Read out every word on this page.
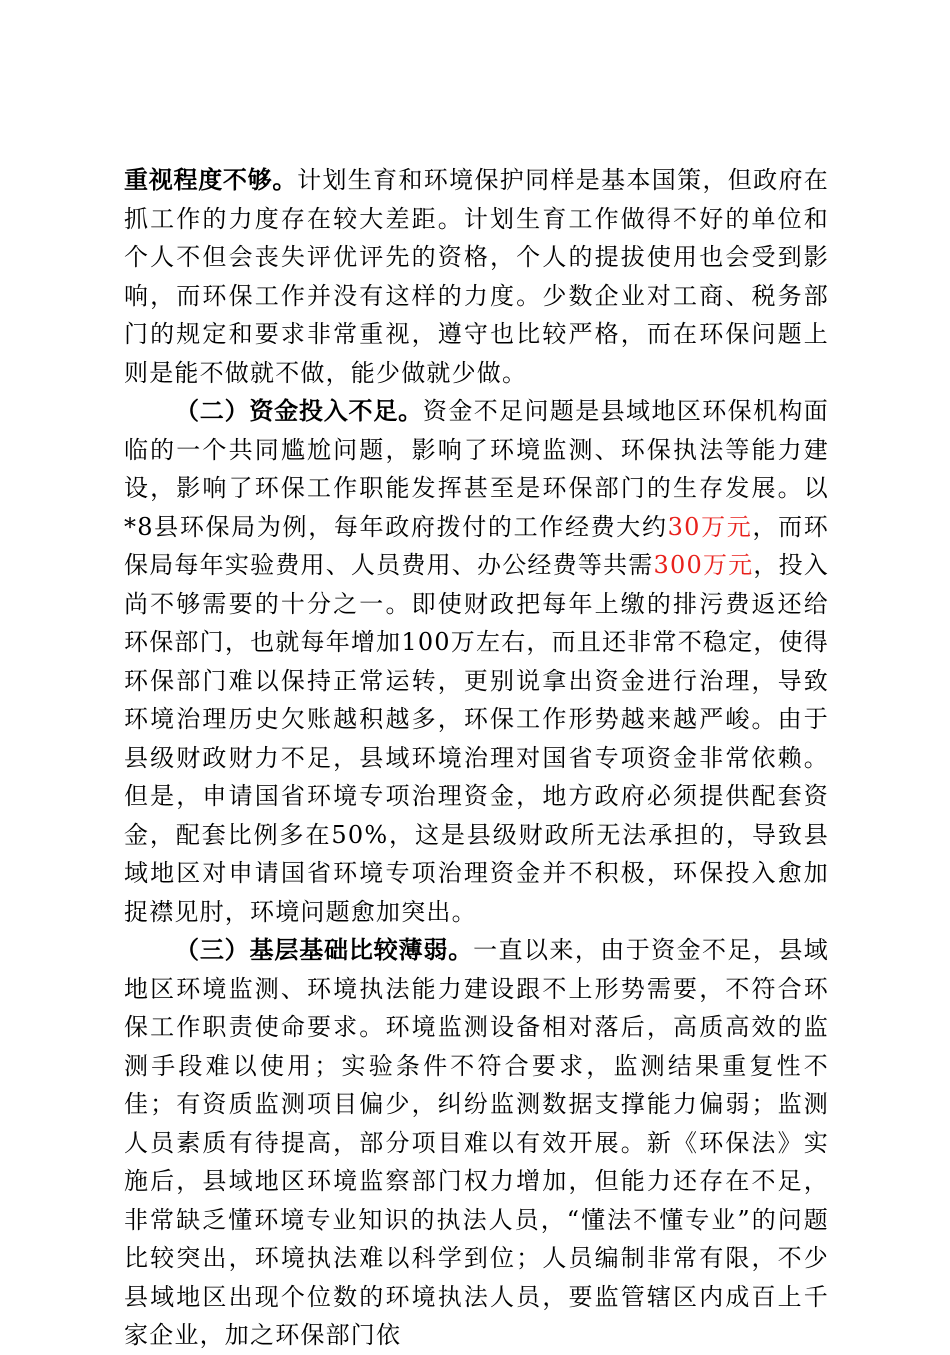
重视程度不够。计划生育和环境保护同样是基本国策，但政府在抓工作的力度存在较大差距。计划生育工作做得不好的单位和个人不但会丧失评优评先的资格，个人的提拔使用也会受到影响，而环保工作并没有这样的力度。少数企业对工商、税务部门的规定和要求非常重视，遵守也比较严格，而在环保问题上则是能不做就不做，能少做就少做。

（二）资金投入不足。资金不足问题是县域地区环保机构面临的一个共同尴尬问题，影响了环境监测、环保执法等能力建设，影响了环保工作职能发挥甚至是环保部门的生存发展。以*8县环保局为例，每年政府拨付的工作经费大约30万元，而环保局每年实验费用、人员费用、办公经费等共需300万元，投入尚不够需要的十分之一。即使财政把每年上缴的排污费返还给环保部门，也就每年增加100万左右，而且还非常不稳定，使得环保部门难以保持正常运转，更别说拿出资金进行治理，导致环境治理历史欠账越积越多，环保工作形势越来越严峻。由于县级财政财力不足，县域环境治理对国省专项资金非常依赖。但是，申请国省环境专项治理资金，地方政府必须提供配套资金，配套比例多在50%，这是县级财政所无法承担的，导致县域地区对申请国省环境专项治理资金并不积极，环保投入愈加捉襟见肘，环境问题愈加突出。

（三）基层基础比较薄弱。一直以来，由于资金不足，县域地区环境监测、环境执法能力建设跟不上形势需要，不符合环保工作职责使命要求。环境监测设备相对落后，高质高效的监测手段难以使用；实验条件不符合要求，监测结果重复性不佳；有资质监测项目偏少，纠纷监测数据支撑能力偏弱；监测人员素质有待提高，部分项目难以有效开展。新《环保法》实施后，县域地区环境监察部门权力增加，但能力还存在不足，非常缺乏懂环境专业知识的执法人员，“懂法不懂专业”的问题比较突出，环境执法难以科学到位；人员编制非常有限，不少县域地区出现个位数的环境执法人员，要监管辖区内成百上千家企业，加之环保部门依
